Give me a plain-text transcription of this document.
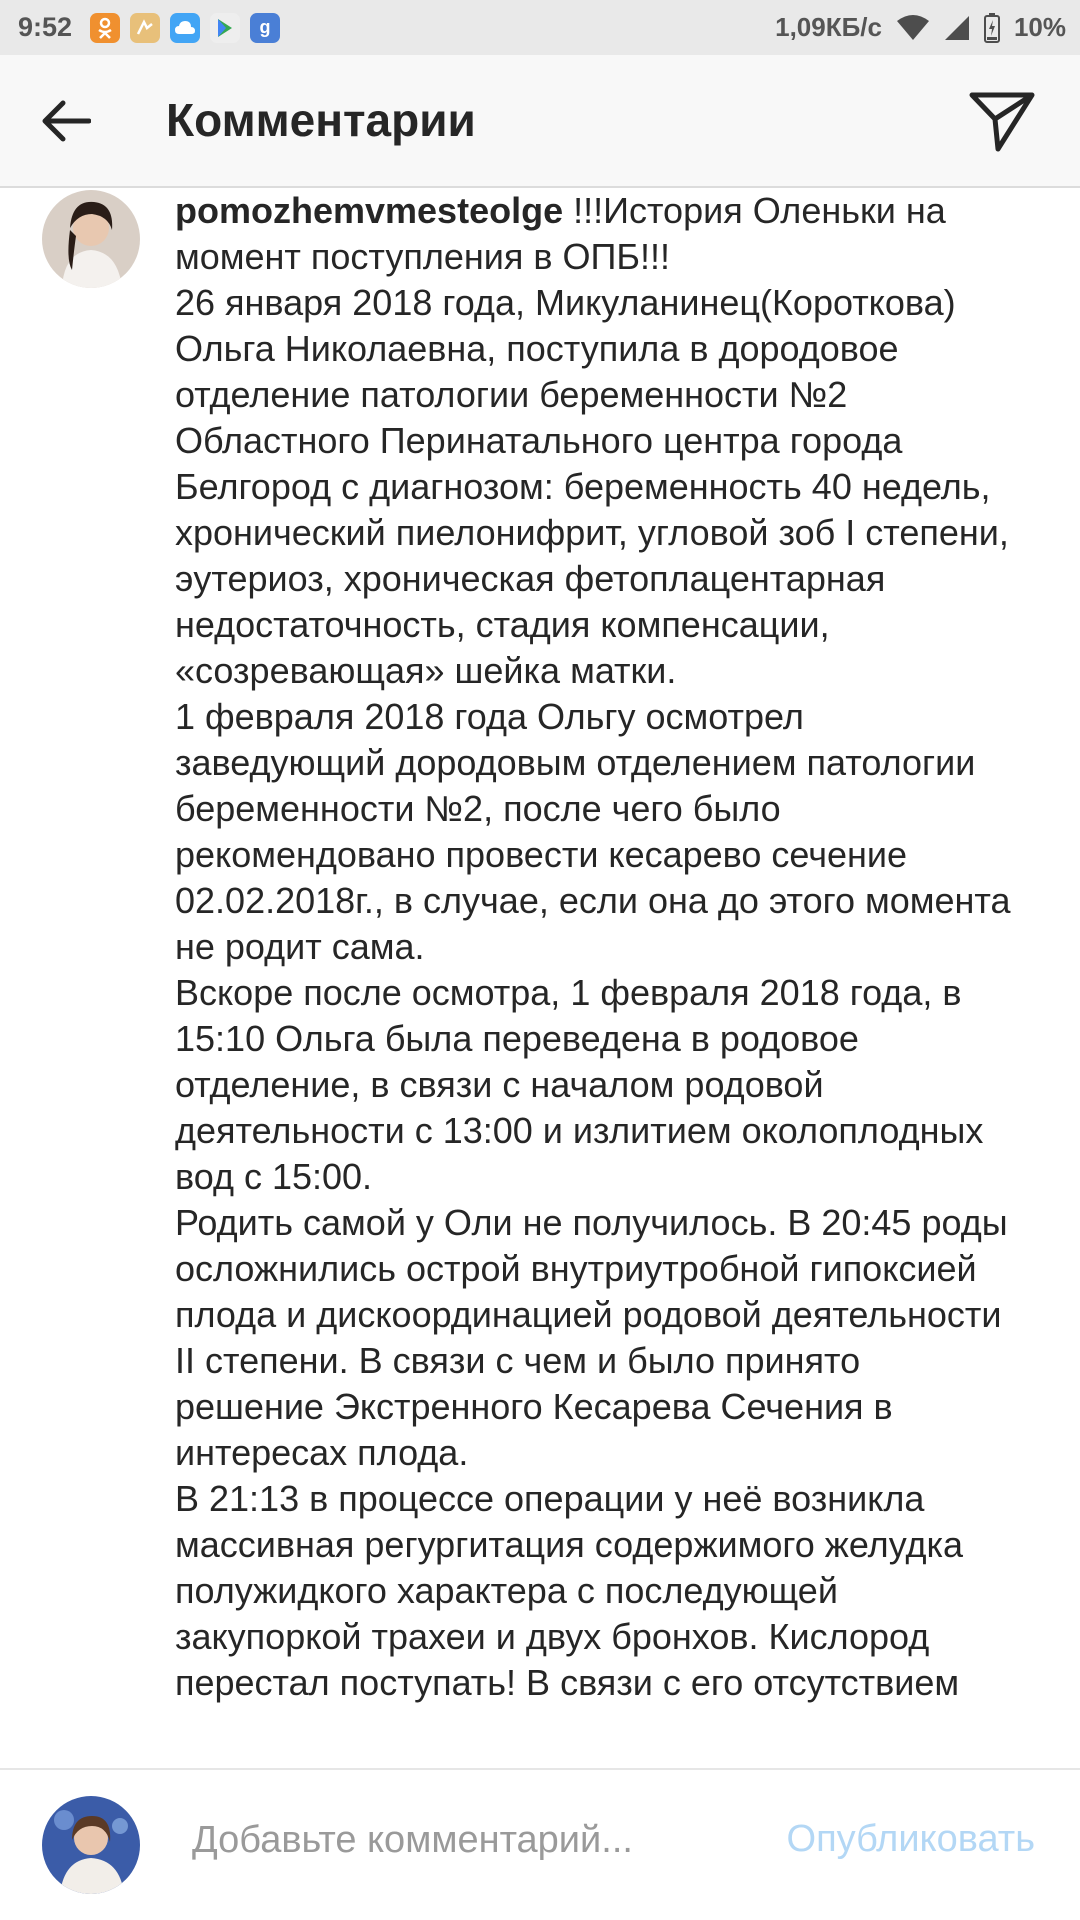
9:52	g	1,09КБ/с	10%
Комментарии
pomozhemvmesteolge !!!История Оленьки на момент поступления в ОПБ!!!
26 января 2018 года, Микуланинец(Короткова) Ольга Николаевна, поступила в дородовое отделение патологии беременности №2 Областного Перинатального центра города Белгород с диагнозом: беременность 40 недель, хронический пиелонифрит, угловой зоб I степени, эутериоз, хроническая фетоплацентарная недостаточность, стадия компенсации, «созревающая» шейка матки.
1 февраля 2018 года Ольгу осмотрел заведующий дородовым отделением патологии беременности №2, после чего было рекомендовано провести кесарево сечение 02.02.2018г., в случае, если она до этого момента не родит сама.
Вскоре после осмотра, 1 февраля 2018 года, в 15:10 Ольга была переведена в родовое отделение, в связи с началом родовой деятельности с 13:00 и излитием околоплодных вод с 15:00.
Родить самой у Оли не получилось. В 20:45 роды осложнились острой внутриутробной гипоксией плода и дискоординацией родовой деятельности II степени. В связи с чем и было принято решение Экстренного Кесарева Сечения в интересах плода.
В 21:13 в процессе операции у неё возникла массивная регургитация содержимого желудка полужидкого характера с последующей закупоркой трахеи и двух бронхов. Кислород перестал поступать! В связи с его отсутствием
Добавьте комментарий...
Опубликовать
